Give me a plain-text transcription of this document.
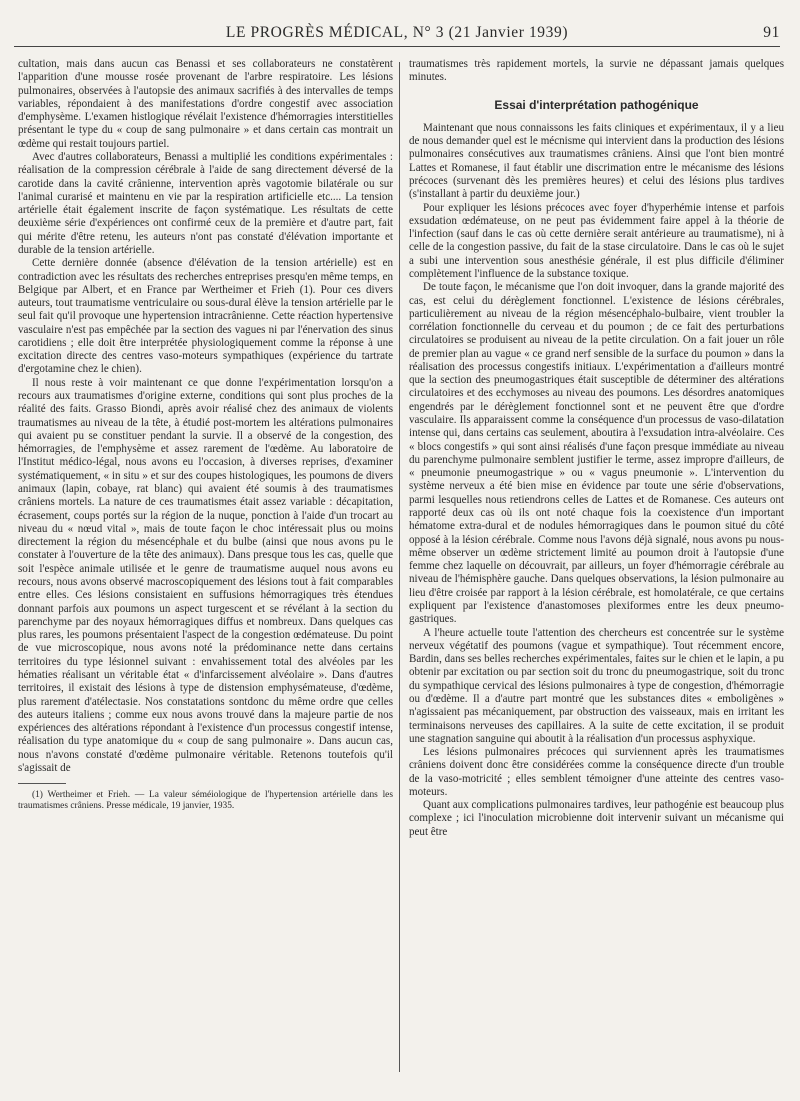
LE PROGRÈS MÉDICAL, N° 3 (21 Janvier 1939)	91

cultation, mais dans aucun cas Benassi et ses collaborateurs ne constatèrent l'apparition d'une mousse rosée provenant de l'arbre respiratoire. Les lésions pulmonaires, observées à l'autopsie des animaux sacrifiés à des intervalles de temps variables, répondaient à des manifestations d'ordre congestif avec association d'emphysème. L'examen histlogique révélait l'existence d'hémorragies interstitielles présentant le type du « coup de sang pulmonaire » et dans certain cas montrait un œdème qui restait toujours partiel.

Avec d'autres collaborateurs, Benassi a multiplié les conditions expérimentales : réalisation de la compression cérébrale à l'aide de sang directement déversé de la carotide dans la cavité crânienne, intervention après vagotomie bilatérale ou sur l'animal curarisé et maintenu en vie par la respiration artificielle etc.... La tension artérielle était également inscrite de façon systématique. Les résultats de cette deuxième série d'expériences ont confirmé ceux de la première et d'autre part, fait qui mérite d'être retenu, les auteurs n'ont pas constaté d'élévation importante et durable de la tension artérielle.

Cette dernière donnée (absence d'élévation de la tension artérielle) est en contradiction avec les résultats des recherches entreprises presqu'en même temps, en Belgique par Albert, et en France par Wertheimer et Frieh (1). Pour ces divers auteurs, tout traumatisme ventriculaire ou sous-dural élève la tension artérielle par le seul fait qu'il provoque une hypertension intracrânienne. Cette réaction hypertensive vasculaire n'est pas empêchée par la section des vagues ni par l'énervation des sinus carotidiens ; elle doit être interprétée physiologiquement comme la réponse à une excitation directe des centres vaso-moteurs sympathiques (expérience du tartrate d'ergotamine chez le chien).

Il nous reste à voir maintenant ce que donne l'expérimentation lorsqu'on a recours aux traumatismes d'origine externe, conditions qui sont plus proches de la réalité des faits. Grasso Biondi, après avoir réalisé chez des animaux de violents traumatismes au niveau de la tête, à étudié post-mortem les altérations pulmonaires qui avaient pu se constituer pendant la survie. Il a observé de la congestion, des hémorragies, de l'emphysème et assez rarement de l'œdème. Au laboratoire de l'Institut médico-légal, nous avons eu l'occasion, à diverses reprises, d'examiner systématiquement, « in situ » et sur des coupes histologiques, les poumons de divers animaux (lapin, cobaye, rat blanc) qui avaient été soumis à des traumatismes crâniens mortels. La nature de ces traumatismes était assez variable : décapitation, écrasement, coups portés sur la région de la nuque, ponction à l'aide d'un trocart au niveau du « nœud vital », mais de toute façon le choc intéressait plus ou moins directement la région du mésencéphale et du bulbe (ainsi que nous avons pu le constater à l'ouverture de la tête des animaux). Dans presque tous les cas, quelle que soit l'espèce animale utilisée et le genre de traumatisme auquel nous avons eu recours, nous avons observé macroscopiquement des lésions tout à fait comparables entre elles. Ces lésions consistaient en suffusions hémorragiques très étendues donnant parfois aux poumons un aspect turgescent et se révélant à la section du parenchyme par des noyaux hémorragiques diffus et nombreux. Dans quelques cas plus rares, les poumons présentaient l'aspect de la congestion œdémateuse. Du point de vue microscopique, nous avons noté la prédominance nette dans certains territoires du type lésionnel suivant : envahissement total des alvéoles par les hématies réalisant un véritable état « d'infarcissement alvéolaire ». Dans d'autres territoires, il existait des lésions à type de distension emphysémateuse, d'œdème, plus rarement d'atélectasie. Nos constatations sontdonc du même ordre que celles des auteurs italiens ; comme eux nous avons trouvé dans la majeure partie de nos expériences des altérations répondant à l'existence d'un processus congestif intense, réalisation du type anatomique du « coup de sang pulmonaire ». Dans aucun cas, nous n'avons constaté d'œdème pulmonaire véritable. Retenons toutefois qu'il s'agissait de

(1) Wertheimer et Frieh. — La valeur séméiologique de l'hypertension artérielle dans les traumatismes crâniens. Presse médicale, 19 janvier, 1935.

traumatismes très rapidement mortels, la survie ne dépassant jamais quelques minutes.

Essai d'interprétation pathogénique

Maintenant que nous connaissons les faits cliniques et expérimentaux, il y a lieu de nous demander quel est le mécnisme qui intervient dans la production des lésions pulmonaires consécutives aux traumatismes crâniens. Ainsi que l'ont bien montré Lattes et Romanese, il faut établir une discrimation entre le mécanisme des lésions précoces (survenant dès les premières heures) et celui des lésions plus tardives (s'installant à partir du deuxième jour.)

Pour expliquer les lésions précoces avec foyer d'hyperhémie intense et parfois exsudation œdémateuse, on ne peut pas évidemment faire appel à la théorie de l'infection (sauf dans le cas où cette dernière serait antérieure au traumatisme), ni à celle de la congestion passive, du fait de la stase circulatoire. Dans le cas où le sujet a subi une intervention sous anesthésie générale, il est plus difficile d'éliminer complètement l'influence de la substance toxique.

De toute façon, le mécanisme que l'on doit invoquer, dans la grande majorité des cas, est celui du dérèglement fonctionnel. L'existence de lésions cérébrales, particulièrement au niveau de la région mésencéphalo-bulbaire, vient troubler la corrélation fonctionnelle du cerveau et du poumon ; de ce fait des perturbations circulatoires se produisent au niveau de la petite circulation. On a fait jouer un rôle de premier plan au vague « ce grand nerf sensible de la surface du poumon » dans la réalisation des processus congestifs initiaux. L'expérimentation a d'ailleurs montré que la section des pneumogastriques était susceptible de déterminer des altérations circulatoires et des ecchymoses au niveau des poumons. Les désordres anatomiques engendrés par le dérèglement fonctionnel sont et ne peuvent être que d'ordre vasculaire. Ils apparaissent comme la conséquence d'un processus de vaso-dilatation intense qui, dans certains cas seulement, aboutira à l'exsudation intra-alvéolaire. Ces « blocs congestifs » qui sont ainsi réalisés d'une façon presque immédiate au niveau du parenchyme pulmonaire semblent justifier le terme, assez impropre d'ailleurs, de « pneumonie pneumogastrique » ou « vagus pneumonie ». L'intervention du système nerveux a été bien mise en évidence par toute une série d'observations, parmi lesquelles nous retiendrons celles de Lattes et de Romanese. Ces auteurs ont rapporté deux cas où ils ont noté chaque fois la coexistence d'un important hématome extra-dural et de nodules hémorragiques dans le poumon situé du côté opposé à la lésion cérébrale. Comme nous l'avons déjà signalé, nous avons pu nous-même observer un œdème strictement limité au poumon droit à l'autopsie d'une femme chez laquelle on découvrait, par ailleurs, un foyer d'hémorragie cérébrale au niveau de l'hémisphère gauche. Dans quelques observations, la lésion pulmonaire au lieu d'être croisée par rapport à la lésion cérébrale, est homolatérale, ce que certains expliquent par l'existence d'anastomoses plexiformes entre les deux pneumo-gastriques.

A l'heure actuelle toute l'attention des chercheurs est concentrée sur le système nerveux végétatif des poumons (vague et sympathique). Tout récemment encore, Bardin, dans ses belles recherches expérimentales, faites sur le chien et le lapin, a pu obtenir par excitation ou par section soit du tronc du pneumogastrique, soit du tronc du sympathique cervical des lésions pulmonaires à type de congestion, d'hémorragie ou d'œdème. Il a d'autre part montré que les substances dites « emboligènes » n'agissaient pas mécaniquement, par obstruction des vaisseaux, mais en irritant les terminaisons nerveuses des capillaires. A la suite de cette excitation, il se produit une stagnation sanguine qui aboutit à la réalisation d'un processus asphyxique.

Les lésions pulmonaires précoces qui surviennent après les traumatismes crâniens doivent donc être considérées comme la conséquence directe d'un trouble de la vaso-motricité ; elles semblent témoigner d'une atteinte des centres vaso-moteurs.

Quant aux complications pulmonaires tardives, leur pathogénie est beaucoup plus complexe ; ici l'inoculation microbienne doit intervenir suivant un mécanisme qui peut être
